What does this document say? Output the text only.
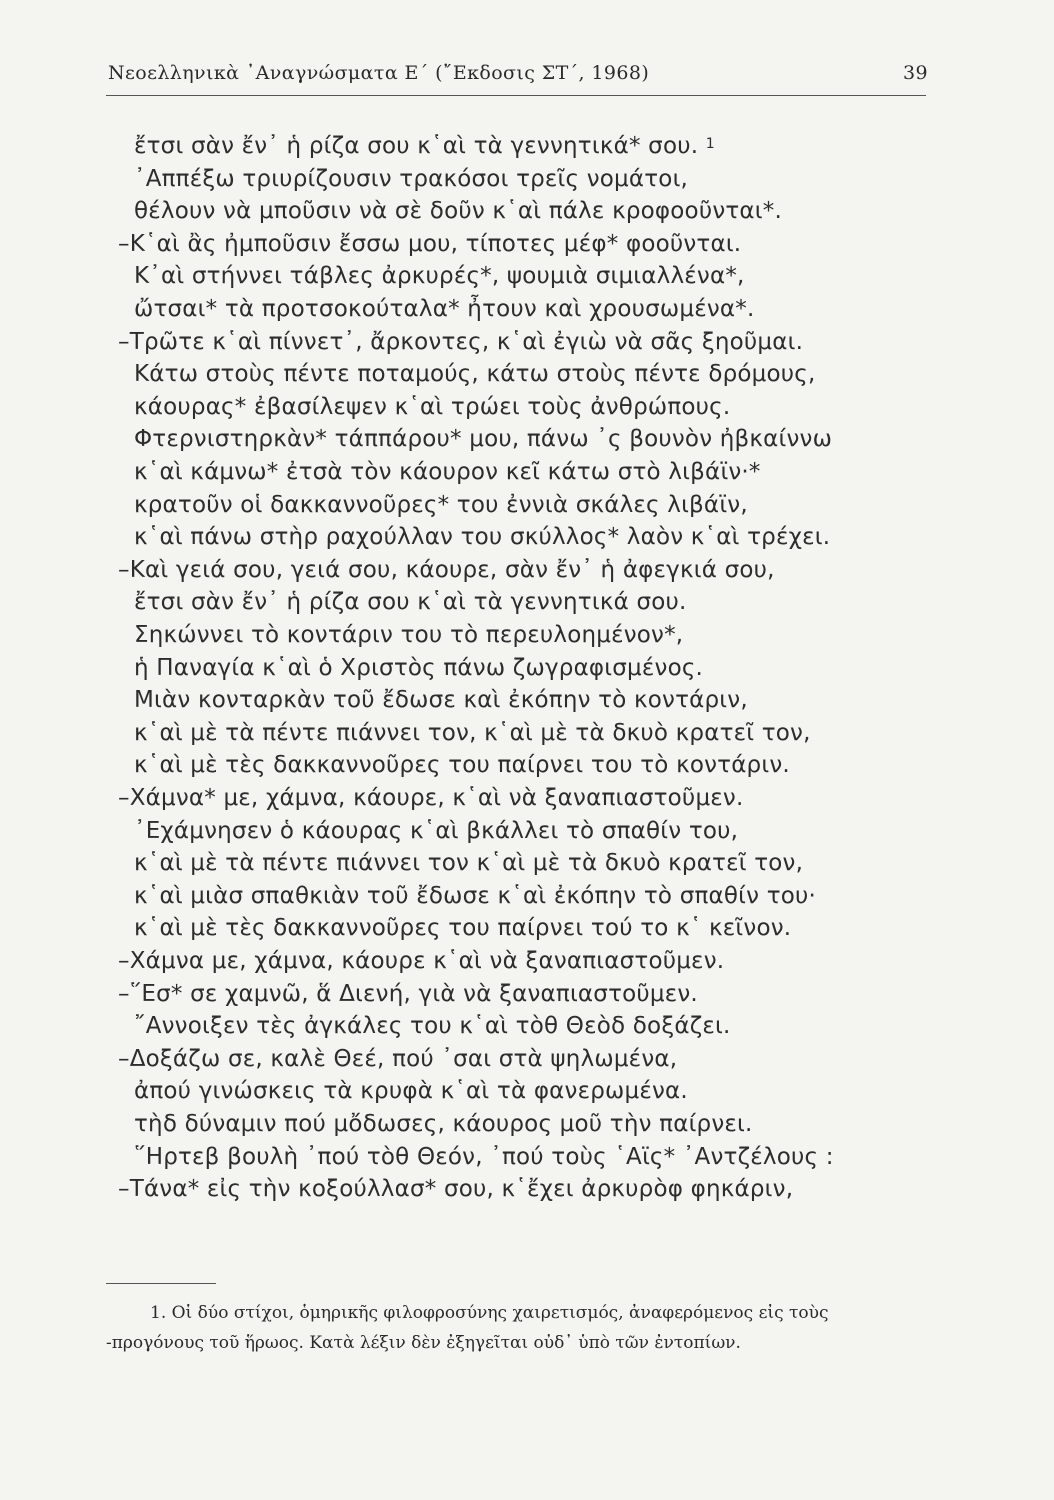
Νεοελληνικὰ ᾽Αναγνώσματα Ε´ (῎Εκδοσις ΣΤ´, 1968)	39
ἔτσι σὰν ἔν᾽ ἡ ρίζα σου κ῾αὶ τὰ γεννητικά* σου. $^1$
᾽Αππέξω τριυρίζουσιν τρακόσοι τρεῖς νομάτοι,
θέλουν νὰ μποῦσιν νὰ σὲ δοῦν κ῾αὶ πάλε κροφοοῦνται*.
–Κ῾αὶ ἂς ἠμποῦσιν ἔσσω μου, τίποτες μέφ* φοοῦνται.
Κ᾽αὶ στήννει τάβλες ἀρκυρές*, ψουμιὰ σιμιαλλένα*,
ὤτσαι* τὰ προτσοκούταλα* ἦτουν καὶ χρουσωμένα*.
–Τρῶτε κ῾αὶ πίννετ᾽, ἄρκοντες, κ῾αὶ ἐγιὼ νὰ σᾶς ξηοῦμαι.
Κάτω στοὺς πέντε ποταμούς, κάτω στοὺς πέντε δρόμους,
κάουρας* ἐβασίλεψεν κ῾αὶ τρώει τοὺς ἀνθρώπους.
Φτερνιστηρκὰν* τάππάρου* μου, πάνω ᾽ς βουνὸν ἠβκαίννω
κ῾αὶ κάμνω* ἐτσὰ τὸν κάουρον κεῖ κάτω στὸ λιβάϊν·*
κρατοῦν οἱ δακκαννοῦρες* του ἐννιὰ σκάλες λιβάϊν,
κ῾αὶ πάνω στὴρ ραχούλλαν του σκύλλος* λαὸν κ῾αὶ τρέχει.
–Καὶ γειά σου, γειά σου, κάουρε, σὰν ἔν᾽ ἡ ἀφεγκιά σου,
ἔτσι σὰν ἔν᾽ ἡ ρίζα σου κ῾αὶ τὰ γεννητικά σου.
Σηκώννει τὸ κοντάριν του τὸ περευλοημένον*,
ἡ Παναγία κ῾αὶ ὁ Χριστὸς πάνω ζωγραφισμένος.
Μιὰν κονταρκὰν τοῦ ἔδωσε καὶ ἐκόπην τὸ κοντάριν,
κ῾αὶ μὲ τὰ πέντε πιάννει τον, κ῾αὶ μὲ τὰ δκυὸ κρατεῖ τον,
κ῾αὶ μὲ τὲς δακκαννοῦρες του παίρνει του τὸ κοντάριν.
–Χάμνα* με, χάμνα, κάουρε, κ῾αὶ νὰ ξαναπιαστοῦμεν.
᾽Εχάμνησεν ὁ κάουρας κ῾αὶ βκάλλει τὸ σπαθίν του,
κ῾αὶ μὲ τὰ πέντε πιάννει τον κ῾αὶ μὲ τὰ δκυὸ κρατεῖ τον,
κ῾αὶ μιὰσ σπαθκιὰν τοῦ ἔδωσε κ῾αὶ ἐκόπην τὸ σπαθίν του·
κ῾αὶ μὲ τὲς δακκαννοῦρες του παίρνει τού το κ῾ κεῖνον.
–Χάμνα με, χάμνα, κάουρε κ῾αὶ νὰ ξαναπιαστοῦμεν.
–῞Εσ* σε χαμνῶ, ἅ Διενή, γιὰ νὰ ξαναπιαστοῦμεν.
῎Αννοιξεν τὲς ἀγκάλες του κ῾αὶ τὸθ Θεὸδ δοξάζει.
–Δοξάζω σε, καλὲ Θεέ, πού ᾽σαι στὰ ψηλωμένα,
ἀπού γινώσκεις τὰ κρυφὰ κ῾αὶ τὰ φανερωμένα.
τὴδ δύναμιν πού μὄδωσες, κάουρος μοῦ τὴν παίρνει.
῞Ηρτεβ βουλὴ ᾽πού τὸθ Θεόν, ᾽πού τοὺς ῾Αϊς* ᾽Αντζέλους :
–Τάνα* εἰς τὴν κοξούλλασ* σου, κ῾ἔχει ἀρκυρὸφ φηκάριν,
1. Οἱ δύο στίχοι, ὁμηρικῆς φιλοφροσύνης χαιρετισμός, ἀναφερόμενος εἰς τοὺς
-προγόνους τοῦ ἥρωος. Κατὰ λέξιν δὲν ἐξηγεῖται οὐδ᾽ ὑπὸ τῶν ἐντοπίων.
